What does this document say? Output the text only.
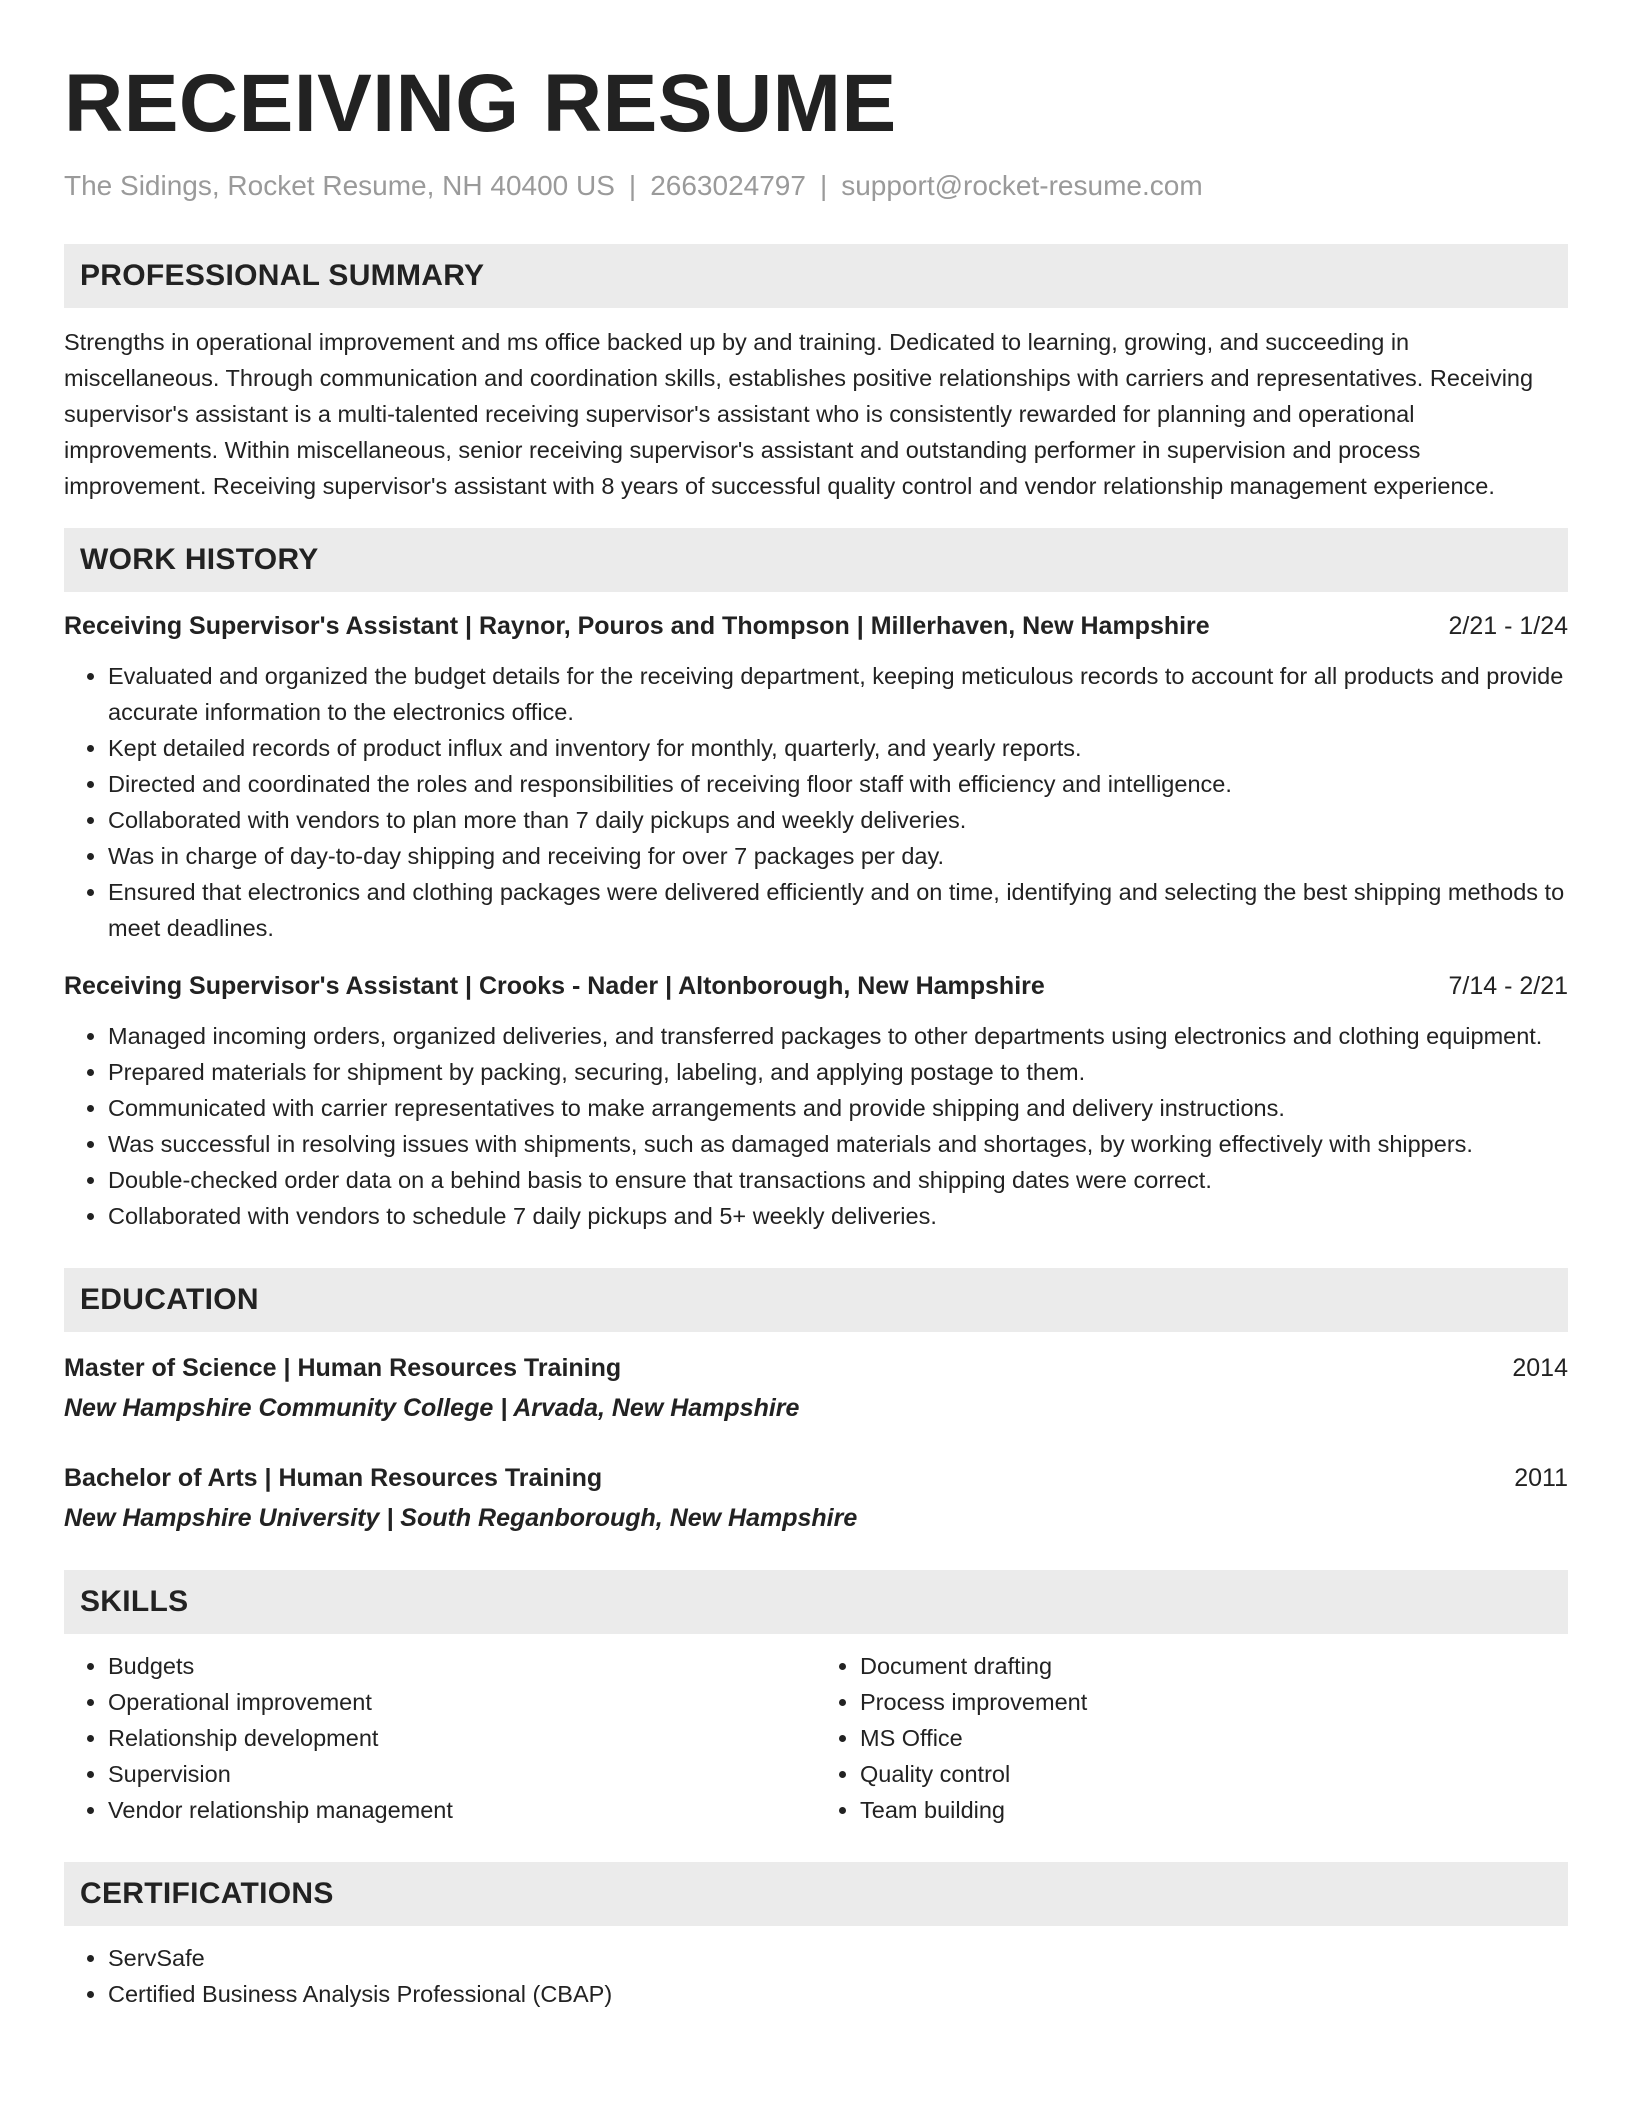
RECEIVING RESUME
The Sidings, Rocket Resume, NH 40400 US | 2663024797 | support@rocket-resume.com
PROFESSIONAL SUMMARY
Strengths in operational improvement and ms office backed up by and training. Dedicated to learning, growing, and succeeding in miscellaneous. Through communication and coordination skills, establishes positive relationships with carriers and representatives. Receiving supervisor's assistant is a multi-talented receiving supervisor's assistant who is consistently rewarded for planning and operational improvements. Within miscellaneous, senior receiving supervisor's assistant and outstanding performer in supervision and process improvement. Receiving supervisor's assistant with 8 years of successful quality control and vendor relationship management experience.
WORK HISTORY
Receiving Supervisor's Assistant | Raynor, Pouros and Thompson | Millerhaven, New Hampshire	2/21 - 1/24
• Evaluated and organized the budget details for the receiving department, keeping meticulous records to account for all products and provide accurate information to the electronics office.
• Kept detailed records of product influx and inventory for monthly, quarterly, and yearly reports.
• Directed and coordinated the roles and responsibilities of receiving floor staff with efficiency and intelligence.
• Collaborated with vendors to plan more than 7 daily pickups and weekly deliveries.
• Was in charge of day-to-day shipping and receiving for over 7 packages per day.
• Ensured that electronics and clothing packages were delivered efficiently and on time, identifying and selecting the best shipping methods to meet deadlines.
Receiving Supervisor's Assistant | Crooks - Nader | Altonborough, New Hampshire	7/14 - 2/21
• Managed incoming orders, organized deliveries, and transferred packages to other departments using electronics and clothing equipment.
• Prepared materials for shipment by packing, securing, labeling, and applying postage to them.
• Communicated with carrier representatives to make arrangements and provide shipping and delivery instructions.
• Was successful in resolving issues with shipments, such as damaged materials and shortages, by working effectively with shippers.
• Double-checked order data on a behind basis to ensure that transactions and shipping dates were correct.
• Collaborated with vendors to schedule 7 daily pickups and 5+ weekly deliveries.
EDUCATION
Master of Science | Human Resources Training	2014
New Hampshire Community College | Arvada, New Hampshire
Bachelor of Arts | Human Resources Training	2011
New Hampshire University | South Reganborough, New Hampshire
SKILLS
• Budgets
• Operational improvement
• Relationship development
• Supervision
• Vendor relationship management
• Document drafting
• Process improvement
• MS Office
• Quality control
• Team building
CERTIFICATIONS
• ServSafe
• Certified Business Analysis Professional (CBAP)
